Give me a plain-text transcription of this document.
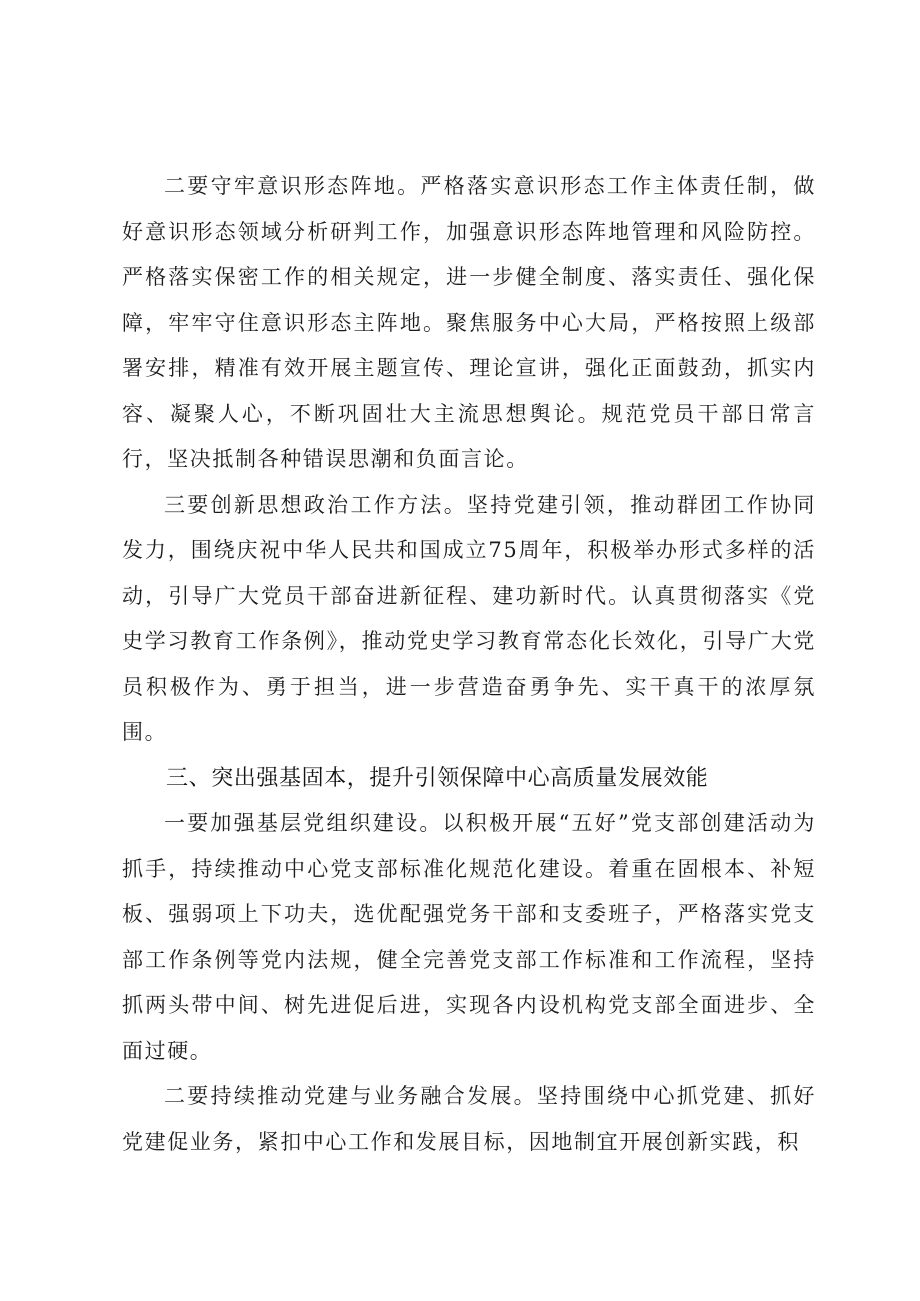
二要守牢意识形态阵地。严格落实意识形态工作主体责任制，做好意识形态领域分析研判工作，加强意识形态阵地管理和风险防控。严格落实保密工作的相关规定，进一步健全制度、落实责任、强化保障，牢牢守住意识形态主阵地。聚焦服务中心大局，严格按照上级部署安排，精准有效开展主题宣传、理论宣讲，强化正面鼓劲，抓实内容、凝聚人心，不断巩固壮大主流思想舆论。规范党员干部日常言行，坚决抵制各种错误思潮和负面言论。

三要创新思想政治工作方法。坚持党建引领，推动群团工作协同发力，围绕庆祝中华人民共和国成立75周年，积极举办形式多样的活动，引导广大党员干部奋进新征程、建功新时代。认真贯彻落实《党史学习教育工作条例》，推动党史学习教育常态化长效化，引导广大党员积极作为、勇于担当，进一步营造奋勇争先、实干真干的浓厚氛围。

三、突出强基固本，提升引领保障中心高质量发展效能

一要加强基层党组织建设。以积极开展“五好”党支部创建活动为抓手，持续推动中心党支部标准化规范化建设。着重在固根本、补短板、强弱项上下功夫，选优配强党务干部和支委班子，严格落实党支部工作条例等党内法规，健全完善党支部工作标准和工作流程，坚持抓两头带中间、树先进促后进，实现各内设机构党支部全面进步、全面过硬。

二要持续推动党建与业务融合发展。坚持围绕中心抓党建、抓好党建促业务，紧扣中心工作和发展目标，因地制宜开展创新实践，积
